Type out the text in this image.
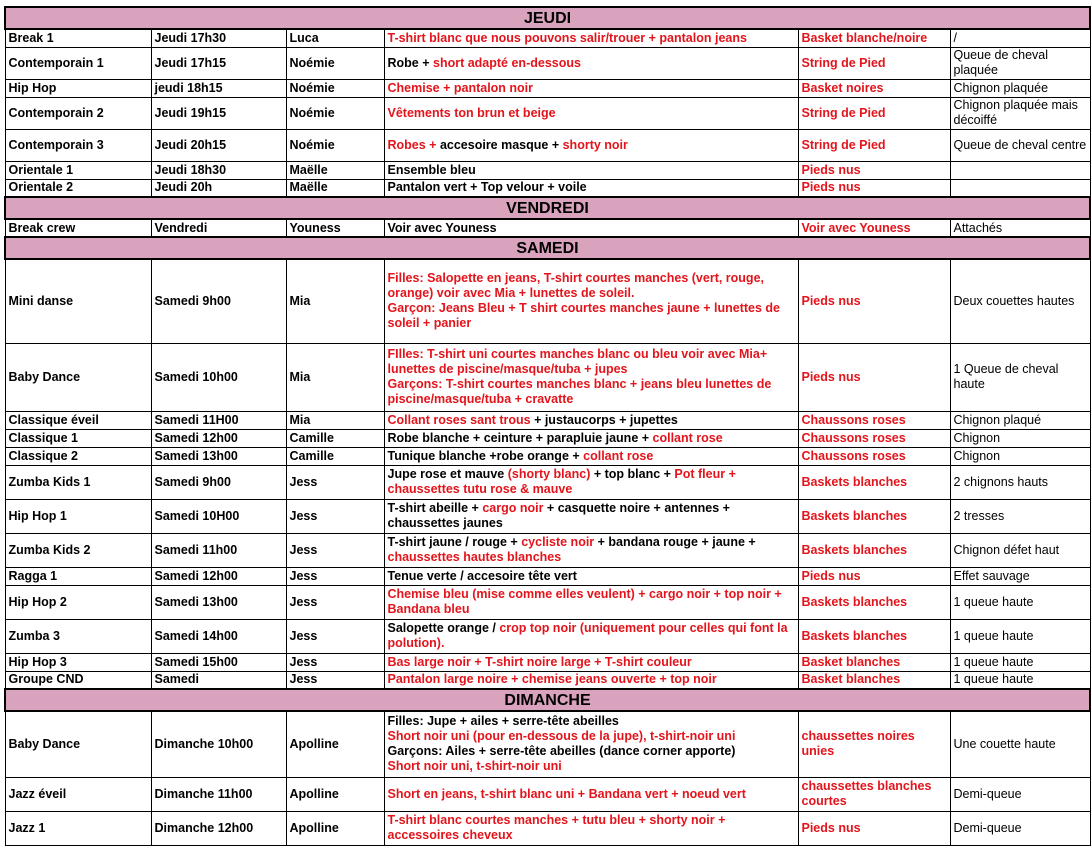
JEUDI					
Break 1	Jeudi 17h30	Luca	T-shirt blanc que nous pouvons salir/trouer + pantalon jeans	Basket blanche/noire	/
Contemporain 1	Jeudi 17h15	Noémie	Robe + short adapté en-dessous	String de Pied	Queue de cheval plaquée
Hip Hop	jeudi 18h15	Noémie	Chemise + pantalon noir	Basket noires	Chignon plaquée
Contemporain 2	Jeudi 19h15	Noémie	Vêtements ton brun et beige	String de Pied	Chignon plaquée mais décoiffé
Contemporain 3	Jeudi 20h15	Noémie	Robes + accesoire masque + shorty noir	String de Pied	Queue de cheval centre
Orientale 1	Jeudi 18h30	Maëlle	Ensemble bleu	Pieds nus	
Orientale 2	Jeudi 20h	Maëlle	Pantalon vert + Top velour + voile	Pieds nus	
VENDREDI					
Break crew	Vendredi	Youness	Voir avec Youness	Voir avec Youness	Attachés
SAMEDI					
Mini danse	Samedi 9h00	Mia	Filles: Salopette en jeans, T-shirt courtes manches (vert, rouge, orange) voir avec Mia + lunettes de soleil.
Garçon: Jeans Bleu + T shirt courtes manches jaune + lunettes de soleil + panier	Pieds nus	Deux couettes hautes
Baby Dance	Samedi 10h00	Mia	FIlles: T-shirt uni courtes manches blanc ou bleu voir avec Mia+ lunettes de piscine/masque/tuba + jupes
Garçons: T-shirt courtes manches blanc + jeans bleu lunettes de piscine/masque/tuba + cravatte	Pieds nus	1 Queue de cheval haute
Classique éveil	Samedi 11H00	Mia	Collant roses sant trous + justaucorps + jupettes	Chaussons roses	Chignon plaqué
Classique 1	Samedi 12h00	Camille	Robe blanche + ceinture + parapluie jaune + collant rose	Chaussons roses	Chignon
Classique 2	Samedi 13h00	Camille	Tunique blanche +robe orange + collant rose	Chaussons roses	Chignon
Zumba Kids 1	Samedi 9h00	Jess	Jupe rose et mauve (shorty blanc) + top blanc + Pot fleur + chaussettes tutu rose & mauve	Baskets blanches	2 chignons hauts
Hip Hop 1	Samedi 10H00	Jess	T-shirt abeille + cargo noir + casquette noire + antennes + chaussettes jaunes	Baskets blanches	2 tresses
Zumba Kids 2	Samedi 11h00	Jess	T-shirt jaune / rouge + cycliste noir + bandana rouge + jaune + chaussettes hautes blanches	Baskets blanches	Chignon défet haut
Ragga 1	Samedi 12h00	Jess	Tenue verte / accesoire tête vert	Pieds nus	Effet sauvage
Hip Hop 2	Samedi 13h00	Jess	Chemise bleu (mise comme elles veulent) + cargo noir + top noir + Bandana bleu	Baskets blanches	1 queue haute
Zumba 3	Samedi 14h00	Jess	Salopette orange / crop top noir (uniquement pour celles qui font la polution).	Baskets blanches	1 queue haute
Hip Hop 3	Samedi 15h00	Jess	Bas large noir + T-shirt noire large + T-shirt couleur	Basket blanches	1 queue haute
Groupe CND	Samedi	Jess	Pantalon large noire + chemise jeans ouverte + top noir	Basket blanches	1 queue haute
DIMANCHE					
Baby Dance	Dimanche 10h00	Apolline	Filles: Jupe + ailes + serre-tête abeilles
Short noir uni (pour en-dessous de la jupe), t-shirt-noir uni
Garçons: Ailes + serre-tête abeilles (dance corner apporte)
Short noir uni, t-shirt-noir uni	chaussettes noires unies	Une couette haute
Jazz éveil	Dimanche 11h00	Apolline	Short en jeans, t-shirt blanc uni + Bandana vert + noeud vert	chaussettes blanches courtes	Demi-queue
Jazz 1	Dimanche 12h00	Apolline	T-shirt blanc courtes manches + tutu bleu + shorty noir + accessoires cheveux	Pieds nus	Demi-queue
